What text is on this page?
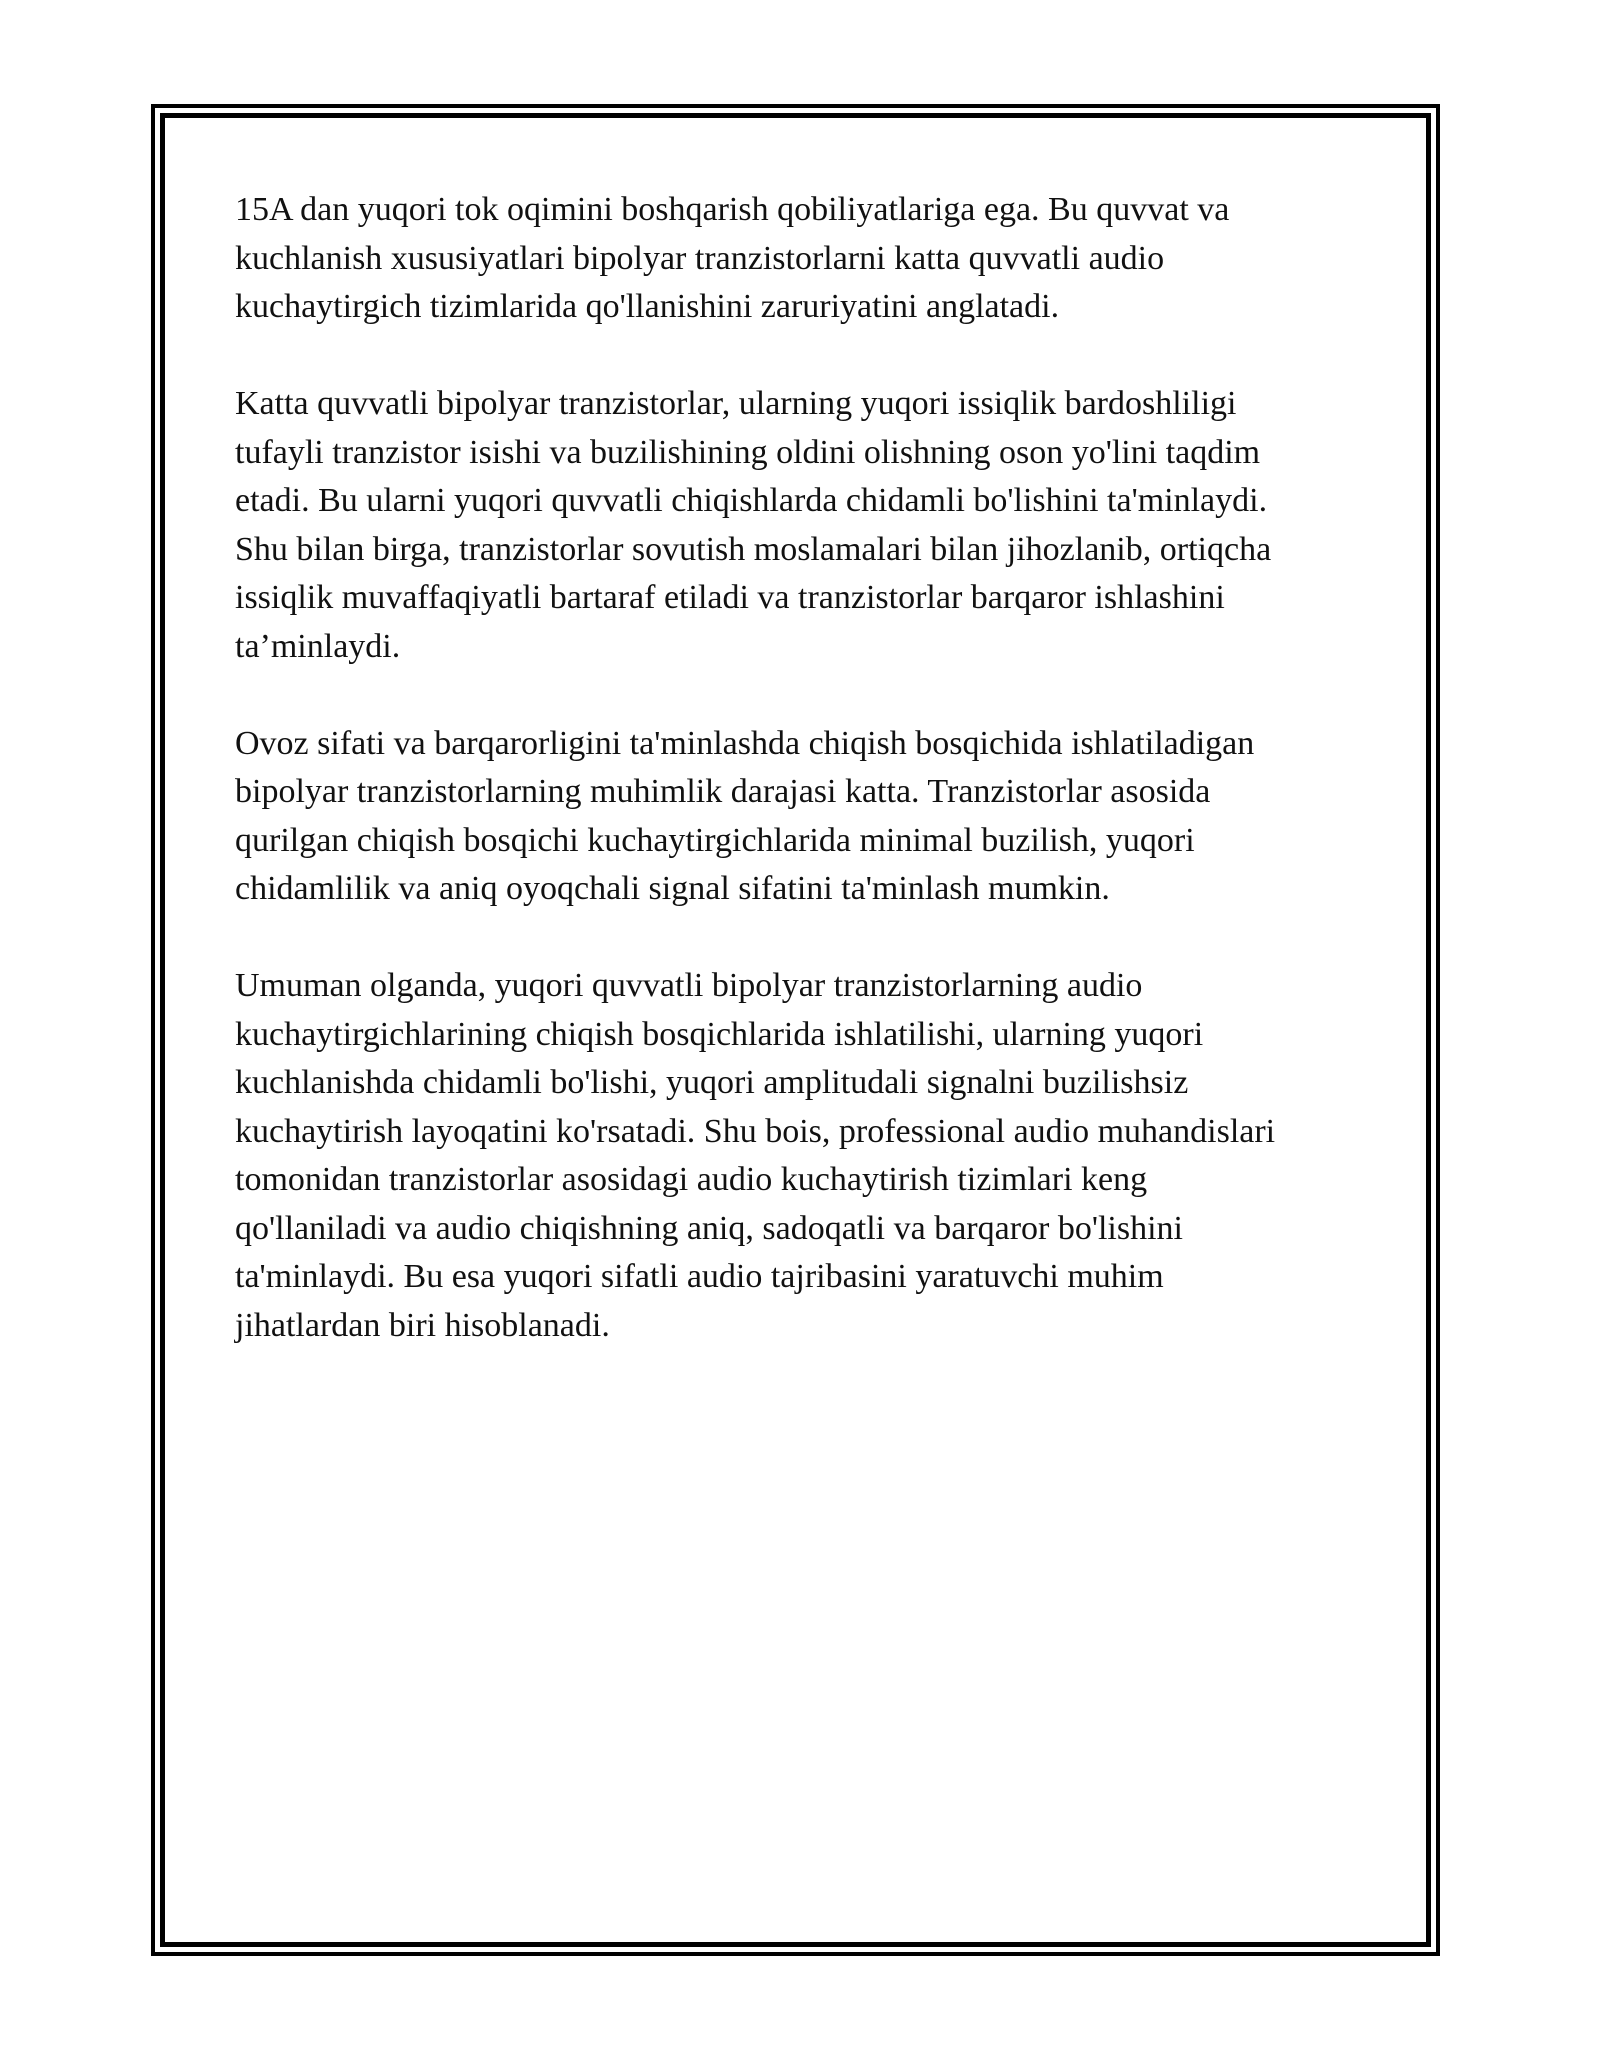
15A dan yuqori tok oqimini boshqarish qobiliyatlariga ega. Bu quvvat va
kuchlanish xususiyatlari bipolyar tranzistorlarni katta quvvatli audio
kuchaytirgich tizimlarida qo'llanishini zaruriyatini anglatadi.

Katta quvvatli bipolyar tranzistorlar, ularning yuqori issiqlik bardoshliligi
tufayli tranzistor isishi va buzilishining oldini olishning oson yo'lini taqdim
etadi. Bu ularni yuqori quvvatli chiqishlarda chidamli bo'lishini ta'minlaydi.
Shu bilan birga, tranzistorlar sovutish moslamalari bilan jihozlanib, ortiqcha
issiqlik muvaffaqiyatli bartaraf etiladi va tranzistorlar barqaror ishlashini
ta’minlaydi.

Ovoz sifati va barqarorligini ta'minlashda chiqish bosqichida ishlatiladigan
bipolyar tranzistorlarning muhimlik darajasi katta. Tranzistorlar asosida
qurilgan chiqish bosqichi kuchaytirgichlarida minimal buzilish, yuqori
chidamlilik va aniq oyoqchali signal sifatini ta'minlash mumkin.

Umuman olganda, yuqori quvvatli bipolyar tranzistorlarning audio
kuchaytirgichlarining chiqish bosqichlarida ishlatilishi, ularning yuqori
kuchlanishda chidamli bo'lishi, yuqori amplitudali signalni buzilishsiz
kuchaytirish layoqatini ko'rsatadi. Shu bois, professional audio muhandislari
tomonidan tranzistorlar asosidagi audio kuchaytirish tizimlari keng
qo'llaniladi va audio chiqishning aniq, sadoqatli va barqaror bo'lishini
ta'minlaydi. Bu esa yuqori sifatli audio tajribasini yaratuvchi muhim
jihatlardan biri hisoblanadi.
